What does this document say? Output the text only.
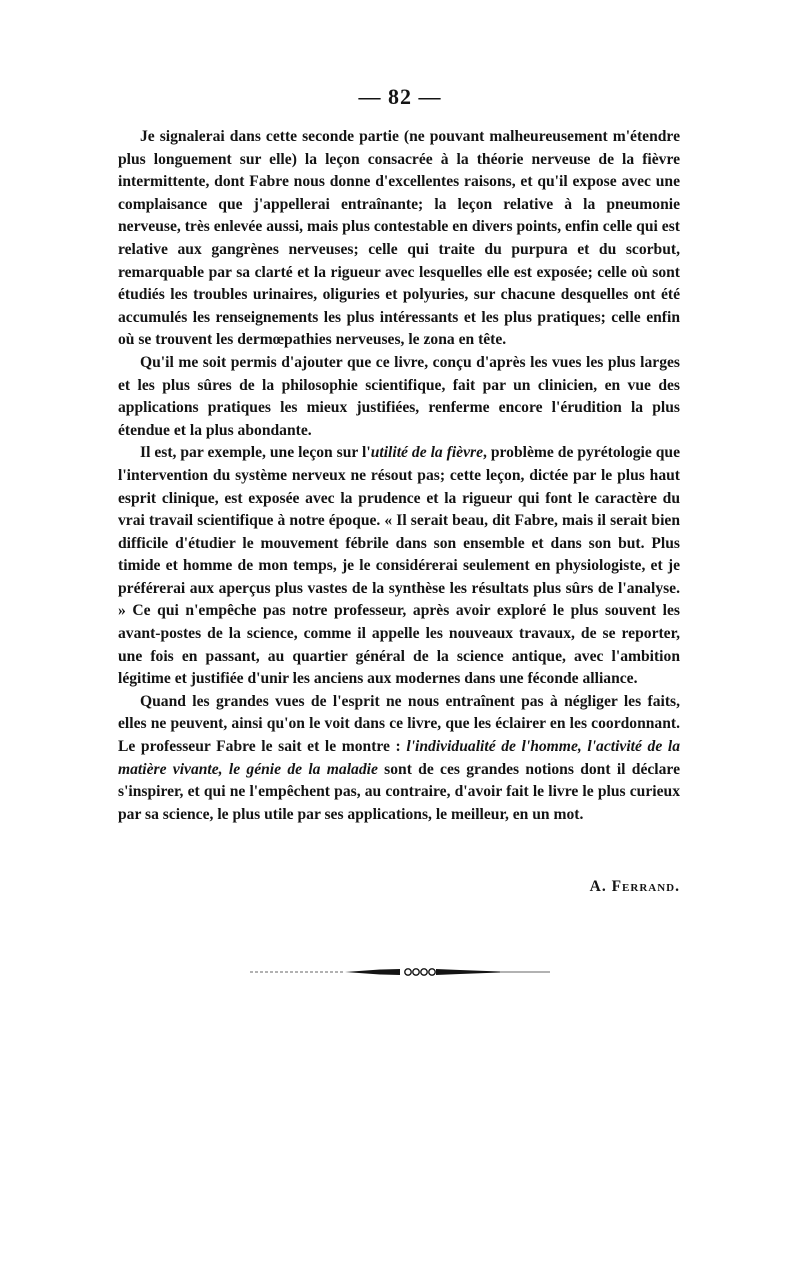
— 82 —

Je signalerai dans cette seconde partie (ne pouvant malheureusement m'étendre plus longuement sur elle) la leçon consacrée à la théorie nerveuse de la fièvre intermittente, dont Fabre nous donne d'excellentes raisons, et qu'il expose avec une complaisance que j'appellerai entraînante; la leçon relative à la pneumonie nerveuse, très enlevée aussi, mais plus contestable en divers points, enfin celle qui est relative aux gangrènes nerveuses; celle qui traite du purpura et du scorbut, remarquable par sa clarté et la rigueur avec lesquelles elle est exposée; celle où sont étudiés les troubles urinaires, oliguries et polyuries, sur chacune desquelles ont été accumulés les renseignements les plus intéressants et les plus pratiques; celle enfin où se trouvent les dermœpathies nerveuses, le zona en tête.

Qu'il me soit permis d'ajouter que ce livre, conçu d'après les vues les plus larges et les plus sûres de la philosophie scientifique, fait par un clinicien, en vue des applications pratiques les mieux justifiées, renferme encore l'érudition la plus étendue et la plus abondante.

Il est, par exemple, une leçon sur l'utilité de la fièvre, problème de pyrétologie que l'intervention du système nerveux ne résout pas; cette leçon, dictée par le plus haut esprit clinique, est exposée avec la prudence et la rigueur qui font le caractère du vrai travail scientifique à notre époque. « Il serait beau, dit Fabre, mais il serait bien difficile d'étudier le mouvement fébrile dans son ensemble et dans son but. Plus timide et homme de mon temps, je le considérerai seulement en physiologiste, et je préférerai aux aperçus plus vastes de la synthèse les résultats plus sûrs de l'analyse. » Ce qui n'empêche pas notre professeur, après avoir exploré le plus souvent les avant-postes de la science, comme il appelle les nouveaux travaux, de se reporter, une fois en passant, au quartier général de la science antique, avec l'ambition légitime et justifiée d'unir les anciens aux modernes dans une féconde alliance.

Quand les grandes vues de l'esprit ne nous entraînent pas à négliger les faits, elles ne peuvent, ainsi qu'on le voit dans ce livre, que les éclairer en les coordonnant. Le professeur Fabre le sait et le montre : l'individualité de l'homme, l'activité de la matière vivante, le génie de la maladie sont de ces grandes notions dont il déclare s'inspirer, et qui ne l'empêchent pas, au contraire, d'avoir fait le livre le plus curieux par sa science, le plus utile par ses applications, le meilleur, en un mot.

A. Ferrand.
